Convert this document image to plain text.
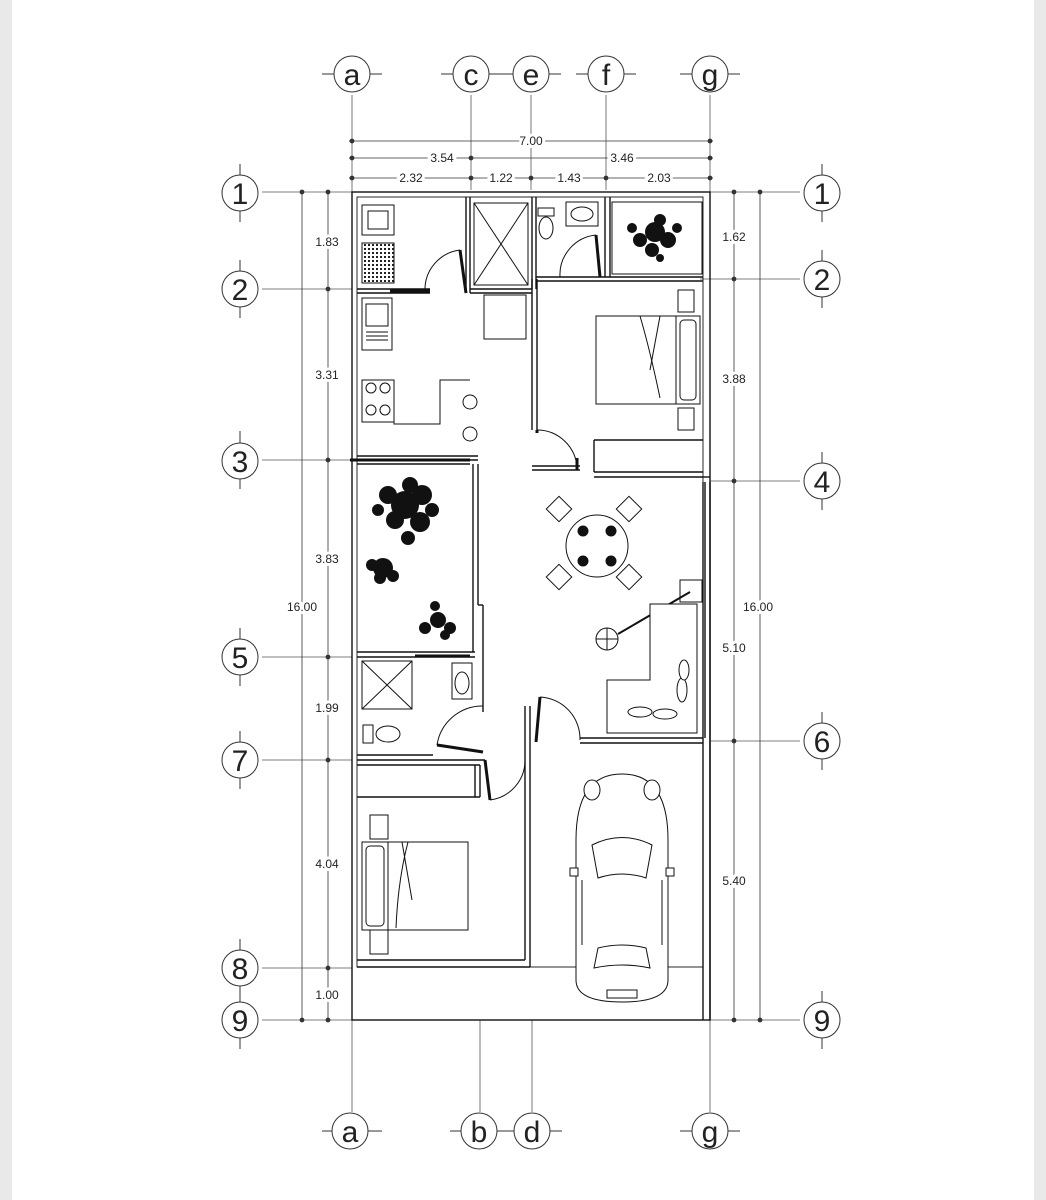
7.00
3.54	3.46
2.32	1.22	1.43	2.03
16.00
1.83
3.31
3.83
1.99
4.04
1.00
16.00
1.62
3.88
5.10
5.40
a	c e f	g
a	b d	g
1
2
3
5
7
8
9
1
2
4
6
9
